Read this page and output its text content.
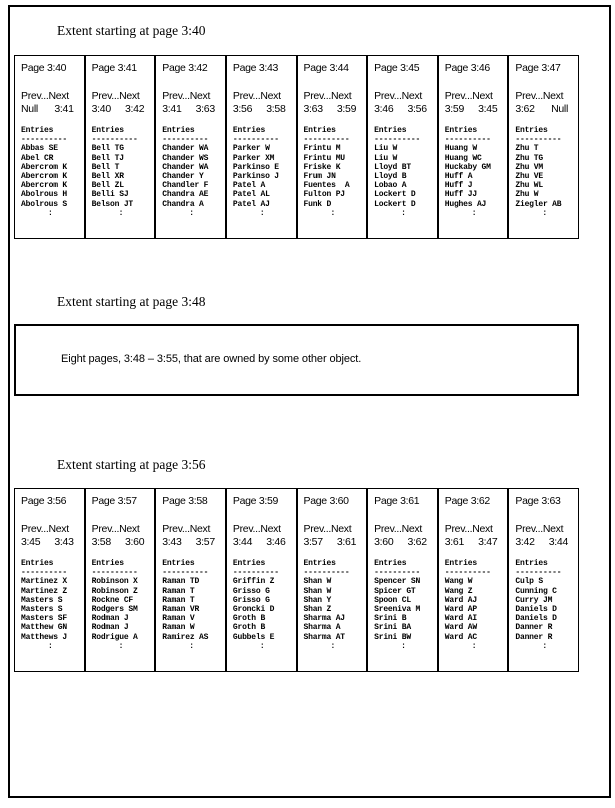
Extent starting at page 3:40
Page 3:40
Prev...Next
Null 3:41
Entries
----------
Abbas SE
Abel CR
Abercrom K
Abercrom K
Abercrom K
Abolrous H
Abolrous S
:
Page 3:41
Prev...Next
3:40 3:42
Entries
----------
Bell TG
Bell TJ
Bell T
Bell XR
Bell ZL
Belli SJ
Belson JT
:
Page 3:42
Prev...Next
3:41 3:63
Entries
----------
Chander WA
Chander WS
Chander WA
Chander Y
Chandler F
Chandra AE
Chandra A
:
Page 3:43
Prev...Next
3:56 3:58
Entries
----------
Parker W
Parker XM
Parkinso E
Parkinso J
Patel A
Patel AL
Patel AJ
:
Page 3:44
Prev...Next
3:63 3:59
Entries
----------
Frintu M
Frintu MU
Friske K
Frum JN
Fuentes  A
Fulton PJ
Funk D
:
Page 3:45
Prev...Next
3:46 3:56
Entries
----------
Liu W
Liu W
Lloyd BT
Lloyd B
Lobao A
Lockert D
Lockert D
:
Page 3:46
Prev...Next
3:59 3:45
Entries
----------
Huang W
Huang WC
Huckaby GM
Huff A
Huff J
Huff JJ
Hughes AJ
:
Page 3:47
Prev...Next
3:62 Null
Entries
----------
Zhu T
Zhu TG
Zhu VM
Zhu VE
Zhu WL
Zhu W
Ziegler AB
:
Extent starting at page 3:48
Eight pages, 3:48 – 3:55, that are owned by some other object.
Extent starting at page 3:56
Page 3:56
Prev...Next
3:45 3:43
Entries
----------
Martinez X
Martinez Z
Masters S
Masters S
Masters SF
Matthew GN
Matthews J
:
Page 3:57
Prev...Next
3:58 3:60
Entries
----------
Robinson X
Robinson Z
Rockne CF
Rodgers SM
Rodman J
Rodman J
Rodrigue A
:
Page 3:58
Prev...Next
3:43 3:57
Entries
----------
Raman TD
Raman T
Raman T
Raman VR
Raman V
Raman W
Ramirez AS
:
Page 3:59
Prev...Next
3:44 3:46
Entries
----------
Griffin Z
Grisso G
Grisso G
Groncki D
Groth B
Groth B
Gubbels E
:
Page 3:60
Prev...Next
3:57 3:61
Entries
----------
Shan W
Shan W
Shan Y
Shan Z
Sharma AJ
Sharma A
Sharma AT
:
Page 3:61
Prev...Next
3:60 3:62
Entries
----------
Spencer SN
Spicer GT
Spoon CL
Sreeniva M
Srini B
Srini BA
Srini BW
:
Page 3:62
Prev...Next
3:61 3:47
Entries
----------
Wang W
Wang Z
Ward AJ
Ward AP
Ward AI
Ward AW
Ward AC
:
Page 3:63
Prev...Next
3:42 3:44
Entries
----------
Culp S
Cunning C
Curry JM
Daniels D
Daniels D
Danner R
Danner R
:
